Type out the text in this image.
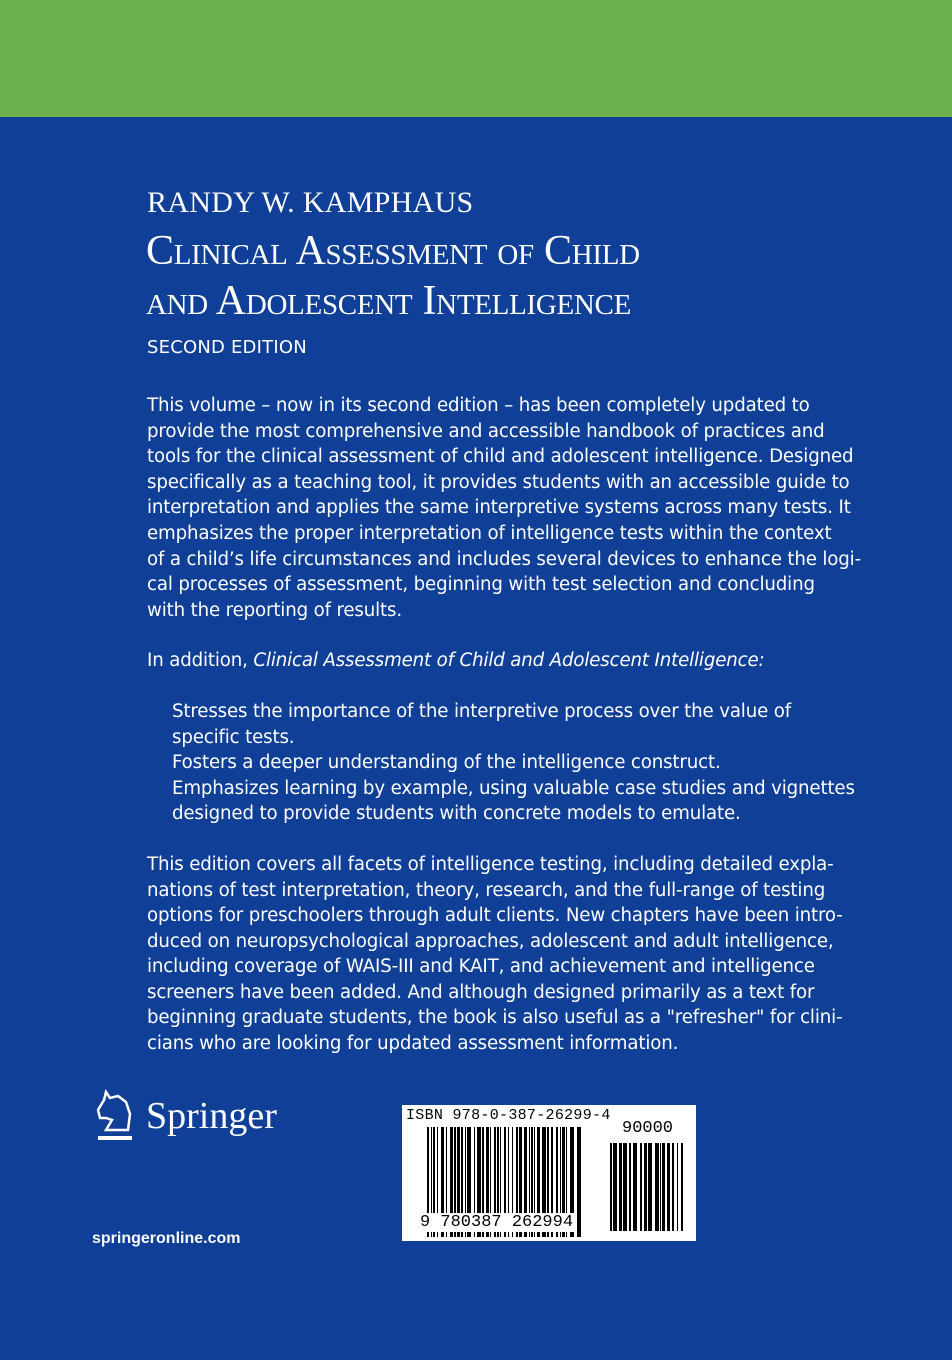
RANDY W. KAMPHAUS
Clinical Assessment of Child
and Adolescent Intelligence
SECOND EDITION

This volume – now in its second edition – has been completely updated to
provide the most comprehensive and accessible handbook of practices and
tools for the clinical assessment of child and adolescent intelligence. Designed
specifically as a teaching tool, it provides students with an accessible guide to
interpretation and applies the same interpretive systems across many tests. It
emphasizes the proper interpretation of intelligence tests within the context
of a child’s life circumstances and includes several devices to enhance the logi-
cal processes of assessment, beginning with test selection and concluding
with the reporting of results.

In addition, Clinical Assessment of Child and Adolescent Intelligence:

Stresses the importance of the interpretive process over the value of
specific tests.
Fosters a deeper understanding of the intelligence construct.
Emphasizes learning by example, using valuable case studies and vignettes
designed to provide students with concrete models to emulate.

This edition covers all facets of intelligence testing, including detailed expla-
nations of test interpretation, theory, research, and the full-range of testing
options for preschoolers through adult clients. New chapters have been intro-
duced on neuropsychological approaches, adolescent and adult intelligence,
including coverage of WAIS-III and KAIT, and achievement and intelligence
screeners have been added. And although designed primarily as a text for
beginning graduate students, the book is also useful as a "refresher" for clini-
cians who are looking for updated assessment information.

Springer
springeronline.com
ISBN 978-0-387-26299-4
90000
9 780387 262994
